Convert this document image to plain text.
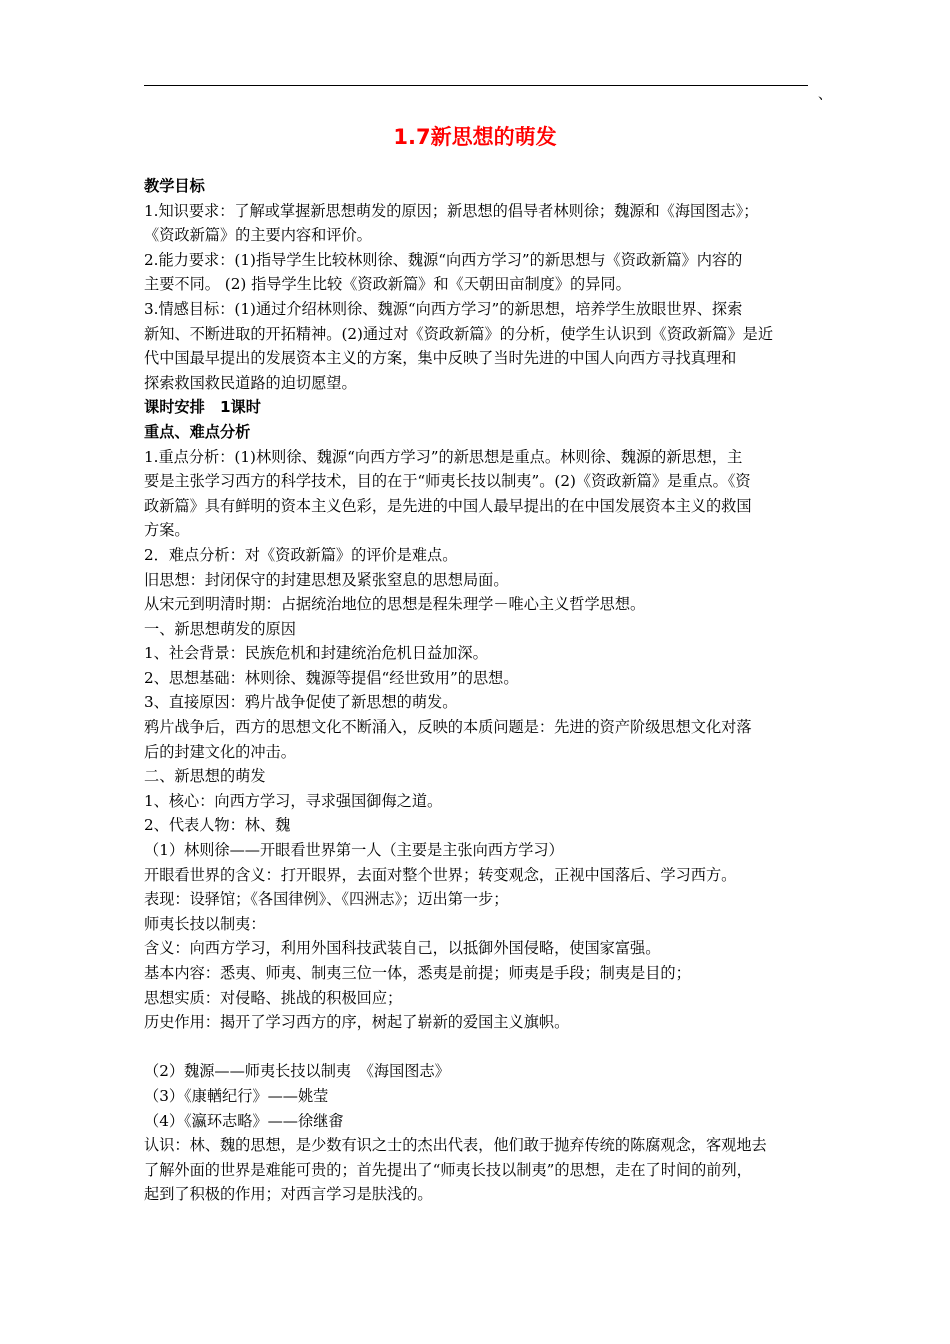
、
1.7新思想的萌发
教学目标
1.知识要求：了解或掌握新思想萌发的原因；新思想的倡导者林则徐；魏源和《海国图志》；
《资政新篇》的主要内容和评价。
2.能力要求：(1)指导学生比较林则徐、魏源“向西方学习”的新思想与《资政新篇》内容的
主要不同。 (2) 指导学生比较《资政新篇》和《天朝田亩制度》的异同。
3.情感目标：(1)通过介绍林则徐、魏源“向西方学习”的新思想，培养学生放眼世界、探索
新知、不断进取的开拓精神。(2)通过对《资政新篇》的分析，使学生认识到《资政新篇》是近
代中国最早提出的发展资本主义的方案，集中反映了当时先进的中国人向西方寻找真理和
探索救国救民道路的迫切愿望。
课时安排　1课时
重点、难点分析
1.重点分析：(1)林则徐、魏源“向西方学习”的新思想是重点。林则徐、魏源的新思想，主
要是主张学习西方的科学技术，目的在于“师夷长技以制夷”。(2)《资政新篇》是重点。《资
政新篇》具有鲜明的资本主义色彩，是先进的中国人最早提出的在中国发展资本主义的救国
方案。
2．难点分析：对《资政新篇》的评价是难点。
旧思想：封闭保守的封建思想及紧张窒息的思想局面。
从宋元到明清时期：占据统治地位的思想是程朱理学－唯心主义哲学思想。
一、新思想萌发的原因
1、社会背景：民族危机和封建统治危机日益加深。
2、思想基础：林则徐、魏源等提倡“经世致用”的思想。
3、直接原因：鸦片战争促使了新思想的萌发。
鸦片战争后，西方的思想文化不断涌入，反映的本质问题是：先进的资产阶级思想文化对落
后的封建文化的冲击。
二、新思想的萌发
1、核心：向西方学习，寻求强国御侮之道。
2、代表人物：林、魏
（1）林则徐——开眼看世界第一人（主要是主张向西方学习）
开眼看世界的含义：打开眼界，去面对整个世界；转变观念，正视中国落后、学习西方。
表现：设驿馆；《各国律例》、《四洲志》；迈出第一步；
师夷长技以制夷：
含义：向西方学习，利用外国科技武装自己，以抵御外国侵略，使国家富强。
基本内容：悉夷、师夷、制夷三位一体，悉夷是前提；师夷是手段；制夷是目的；
思想实质：对侵略、挑战的积极回应；
历史作用：揭开了学习西方的序，树起了崭新的爱国主义旗帜。
（2）魏源——师夷长技以制夷　《海国图志》
（3）《康輶纪行》——姚莹
（4）《瀛环志略》——徐继畬
认识：林、魏的思想，是少数有识之士的杰出代表，他们敢于抛弃传统的陈腐观念，客观地去
了解外面的世界是难能可贵的；首先提出了“师夷长技以制夷”的思想，走在了时间的前列，
起到了积极的作用；对西言学习是肤浅的。
